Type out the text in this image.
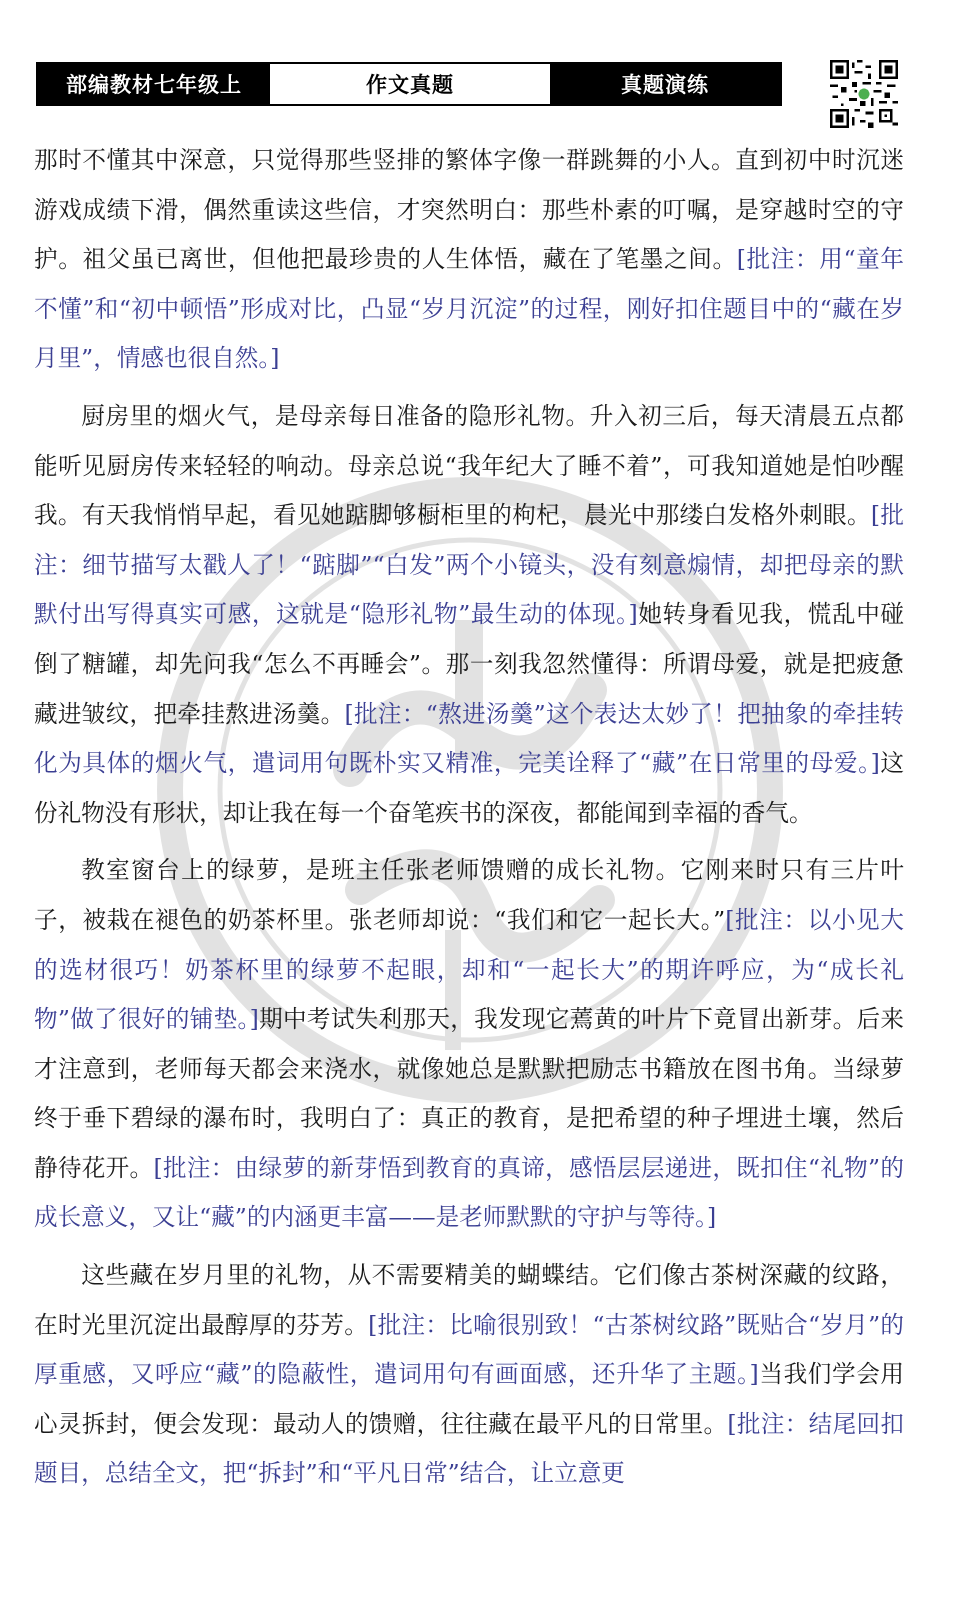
部编教材七年级上	作文真题	真题演练

那时不懂其中深意，只觉得那些竖排的繁体字像一群跳舞的小人。直到初中时沉迷游戏成绩下滑，偶然重读这些信，才突然明白：那些朴素的叮嘱，是穿越时空的守护。祖父虽已离世，但他把最珍贵的人生体悟，藏在了笔墨之间。[批注：用“童年不懂”和“初中顿悟”形成对比，凸显“岁月沉淀”的过程，刚好扣住题目中的“藏在岁月里”，情感也很自然。]

厨房里的烟火气，是母亲每日准备的隐形礼物。升入初三后，每天清晨五点都能听见厨房传来轻轻的响动。母亲总说“我年纪大了睡不着”，可我知道她是怕吵醒我。有天我悄悄早起，看见她踮脚够橱柜里的枸杞，晨光中那缕白发格外刺眼。[批注：细节描写太戳人了！“踮脚”“白发”两个小镜头，没有刻意煽情，却把母亲的默默付出写得真实可感，这就是“隐形礼物”最生动的体现。]她转身看见我，慌乱中碰倒了糖罐，却先问我“怎么不再睡会”。那一刻我忽然懂得：所谓母爱，就是把疲惫藏进皱纹，把牵挂熬进汤羹。[批注：“熬进汤羹”这个表达太妙了！把抽象的牵挂转化为具体的烟火气，遣词用句既朴实又精准，完美诠释了“藏”在日常里的母爱。]这份礼物没有形状，却让我在每一个奋笔疾书的深夜，都能闻到幸福的香气。

教室窗台上的绿萝，是班主任张老师馈赠的成长礼物。它刚来时只有三片叶子，被栽在褪色的奶茶杯里。张老师却说：“我们和它一起长大。”[批注：以小见大的选材很巧！奶茶杯里的绿萝不起眼，却和“一起长大”的期许呼应，为“成长礼物”做了很好的铺垫。]期中考试失利那天，我发现它蔫黄的叶片下竟冒出新芽。后来才注意到，老师每天都会来浇水，就像她总是默默把励志书籍放在图书角。当绿萝终于垂下碧绿的瀑布时，我明白了：真正的教育，是把希望的种子埋进土壤，然后静待花开。[批注：由绿萝的新芽悟到教育的真谛，感悟层层递进，既扣住“礼物”的成长意义，又让“藏”的内涵更丰富——是老师默默的守护与等待。]

这些藏在岁月里的礼物，从不需要精美的蝴蝶结。它们像古茶树深藏的纹路，在时光里沉淀出最醇厚的芬芳。[批注：比喻很别致！“古茶树纹路”既贴合“岁月”的厚重感，又呼应“藏”的隐蔽性，遣词用句有画面感，还升华了主题。]当我们学会用心灵拆封，便会发现：最动人的馈赠，往往藏在最平凡的日常里。[批注：结尾回扣题目，总结全文，把“拆封”和“平凡日常”结合，让立意更
